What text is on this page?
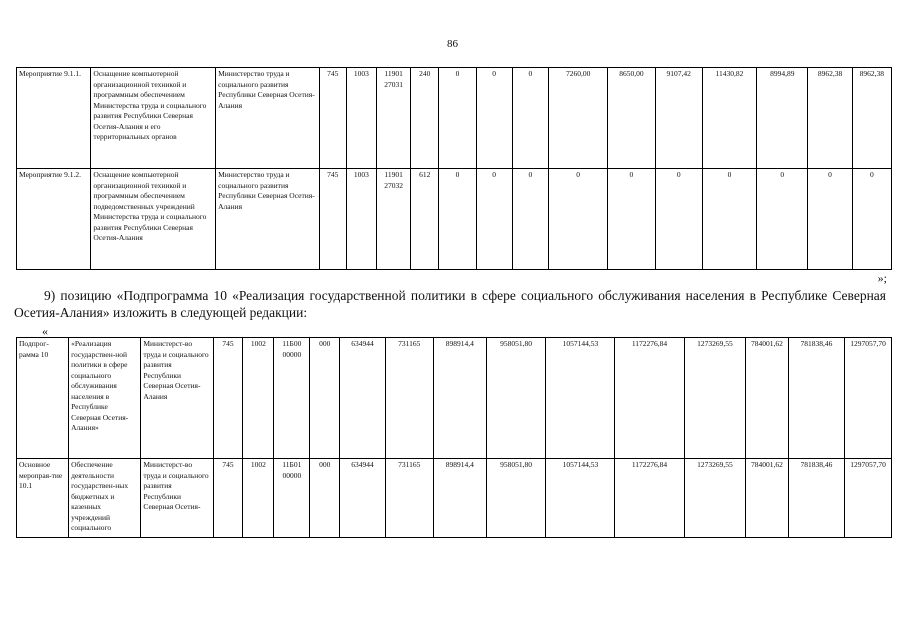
86
Мероприятие 9.1.1.	Оснащение компьютерной организационной техникой и программным обеспечением Министерства труда и социального развития Республики Северная Осетия-Алания и его территориальных органов	Министерство труда и социального развития Республики Северная Осетия-Алания	745	1003	11901 27031	240	0	0	0	7260,00	8650,00	9107,42	11430,82	8994,89	8962,38	8962,38
Мероприятие 9.1.2.	Оснащение компьютерной организационной техникой и программным обеспечением подведомственных учреждений Министерства труда и социального развития Республики Северная Осетия-Алания	Министерство труда и социального развития Республики Северная Осетия-Алания	745	1003	11901 27032	612	0	0	0	0	0	0	0	0	0	0
»;
9) позицию «Подпрограмма 10 «Реализация государственной политики в сфере социального обслуживания населения в Республике Северная Осетия-Алания» изложить в следующей редакции:
«
Подпрог-рамма 10	«Реализация государствен-ной политики в сфере социального обслуживания населения в Республике Северная Осетия-Алания»	Министерст-во труда и социального развития Республики Северная Осетия-Алания	745	1002	11Б00 00000	000	634944	731165	898914,4	958051,80	1057144,53	1172276,84	1273269,55	784001,62	781838,46	1297057,70
Основное меропрая-тие 10.1	Обеспечение деятельности государствен-ных бюджетных и казенных учреждений социального	Министерст-во труда и социального развития Республики Северная Осетия-	745	1002	11Б01 00000	000	634944	731165	898914,4	958051,80	1057144,53	1172276,84	1273269,55	784001,62	781838,46	1297057,70
